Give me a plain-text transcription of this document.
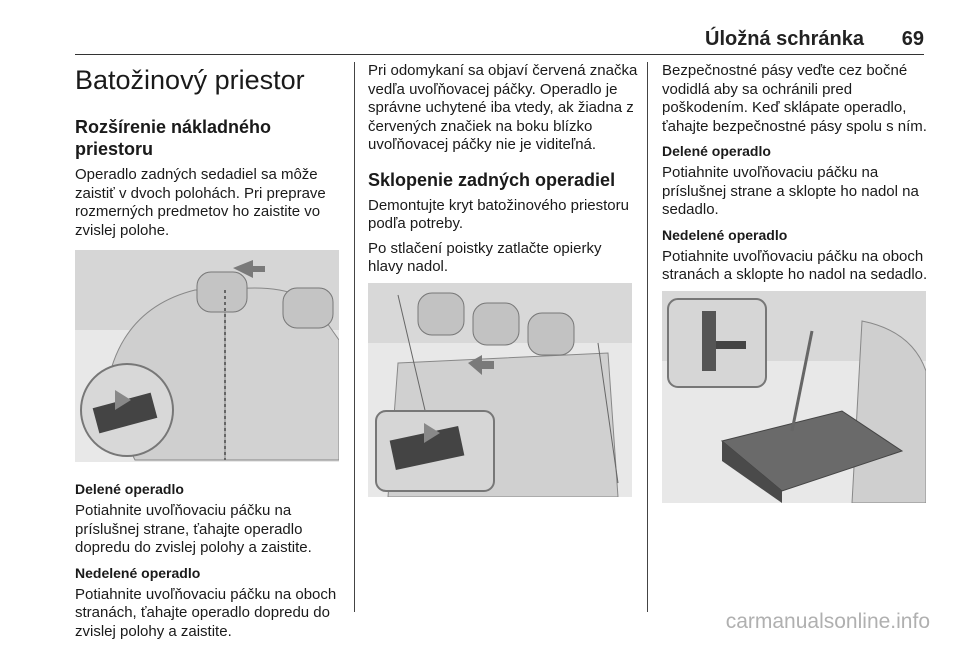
Úložná schránka 69
Batožinový priestor
Rozšírenie nákladného priestoru

Operadlo zadných sedadiel sa môže zaistiť v dvoch polohách. Pri preprave rozmerných predmetov ho zaistite vo zvislej polohe.

Delené operadlo

Potiahnite uvoľňovaciu páčku na príslušnej strane, ťahajte operadlo dopredu do zvislej polohy a zaistite.

Nedelené operadlo

Potiahnite uvoľňovaciu páčku na oboch stranách, ťahajte operadlo dopredu do zvislej polohy a zaistite.

Pri odomykaní sa objaví červená značka vedľa uvoľňovacej páčky. Operadlo je správne uchytené iba vtedy, ak žiadna z červených značiek na boku blízko uvoľňovacej páčky nie je viditeľná.

Sklopenie zadných operadiel

Demontujte kryt batožinového priestoru podľa potreby.

Po stlačení poistky zatlačte opierky hlavy nadol.

Bezpečnostné pásy veďte cez bočné vodidlá aby sa ochránili pred poškodením. Keď sklápate operadlo, ťahajte bezpečnostné pásy spolu s ním.

Delené operadlo

Potiahnite uvoľňovaciu páčku na príslušnej strane a sklopte ho nadol na sedadlo.

Nedelené operadlo

Potiahnite uvoľňovaciu páčku na oboch stranách a sklopte ho nadol na sedadlo.

carmanualsonline.info
